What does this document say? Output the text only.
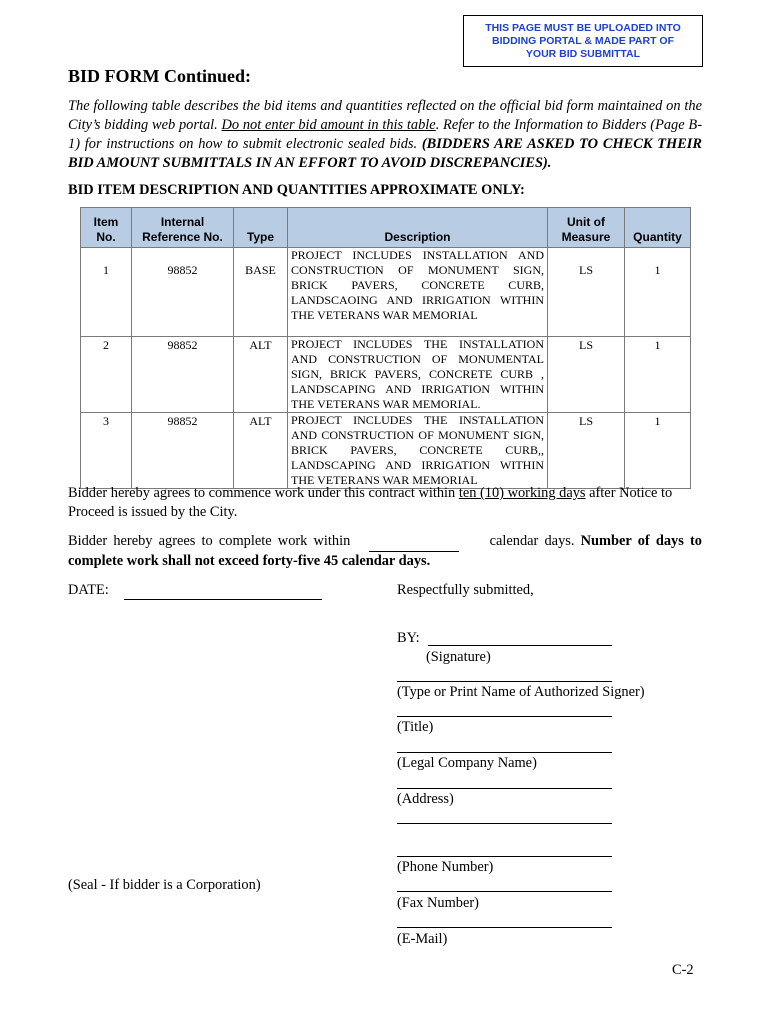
THIS PAGE MUST BE UPLOADED INTO
BIDDING PORTAL & MADE PART OF
YOUR BID SUBMITTAL
BID FORM Continued:
The following table describes the bid items and quantities reflected on the official bid form maintained on the City’s bidding web portal. Do not enter bid amount in this table. Refer to the Information to Bidders (Page B-1) for instructions on how to submit electronic sealed bids. (BIDDERS ARE ASKED TO CHECK THEIR BID AMOUNT SUBMITTALS IN AN EFFORT TO AVOID DISCREPANCIES).
BID ITEM DESCRIPTION AND QUANTITIES APPROXIMATE ONLY:
Item No.	Internal Reference No.	Type	Description	Unit of Measure	Quantity
1	98852	BASE	PROJECT INCLUDES INSTALLATION AND CONSTRUCTION OF MONUMENT SIGN, BRICK PAVERS, CONCRETE CURB, LANDSCAOING AND IRRIGATION WITHIN THE VETERANS WAR MEMORIAL	LS	1
2	98852	ALT	PROJECT INCLUDES THE INSTALLATION AND CONSTRUCTION OF MONUMENTAL SIGN, BRICK PAVERS, CONCRETE CURB , LANDSCAPING AND IRRIGATION WITHIN THE VETERANS WAR MEMORIAL.	LS	1
3	98852	ALT	PROJECT INCLUDES THE INSTALLATION AND CONSTRUCTION OF MONUMENT SIGN, BRICK PAVERS, CONCRETE CURB,, LANDSCAPING AND IRRIGATION WITHIN THE VETERANS WAR MEMORIAL	LS	1
Bidder hereby agrees to commence work under this contract within ten (10) working days after Notice to Proceed is issued by the City.
Bidder hereby agrees to complete work within	calendar days. Number of days to complete work shall not exceed forty-five 45 calendar days.
DATE:	Respectfully submitted,
BY:
(Signature)
(Type or Print Name of Authorized Signer)
(Title)
(Legal Company Name)
(Address)
(Phone Number)
(Fax Number)
(E-Mail)
(Seal - If bidder is a Corporation)
C-2
